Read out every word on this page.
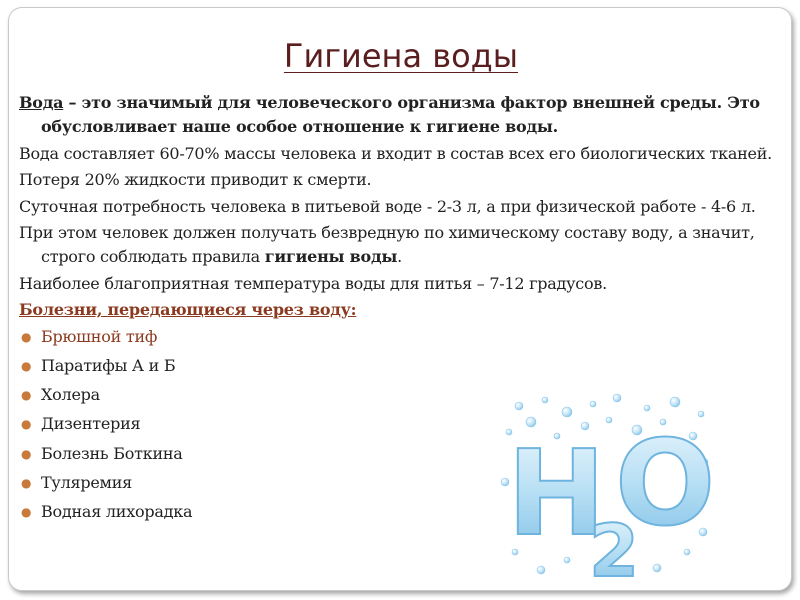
Гигиена воды
Вода – это значимый для человеческого организма фактор внешней среды. Это обусловливает наше особое отношение к гигиене воды.
Вода составляет 60-70% массы человека и входит в состав всех его биологических тканей.
Потеря 20% жидкости приводит к смерти.
Суточная потребность человека в питьевой воде - 2-3 л, а при физической работе - 4-6 л.
При этом человек должен получать безвредную по химическому составу воду, а значит, строго соблюдать правила гигиены воды.
Наиболее благоприятная температура воды для питья – 7-12 градусов.
Болезни, передающиеся через воду:
● Брюшной тиф
● Паратифы А и Б
● Холера
● Дизентерия
● Болезнь Боткина
● Туляремия
● Водная лихорадка	H
2
O
